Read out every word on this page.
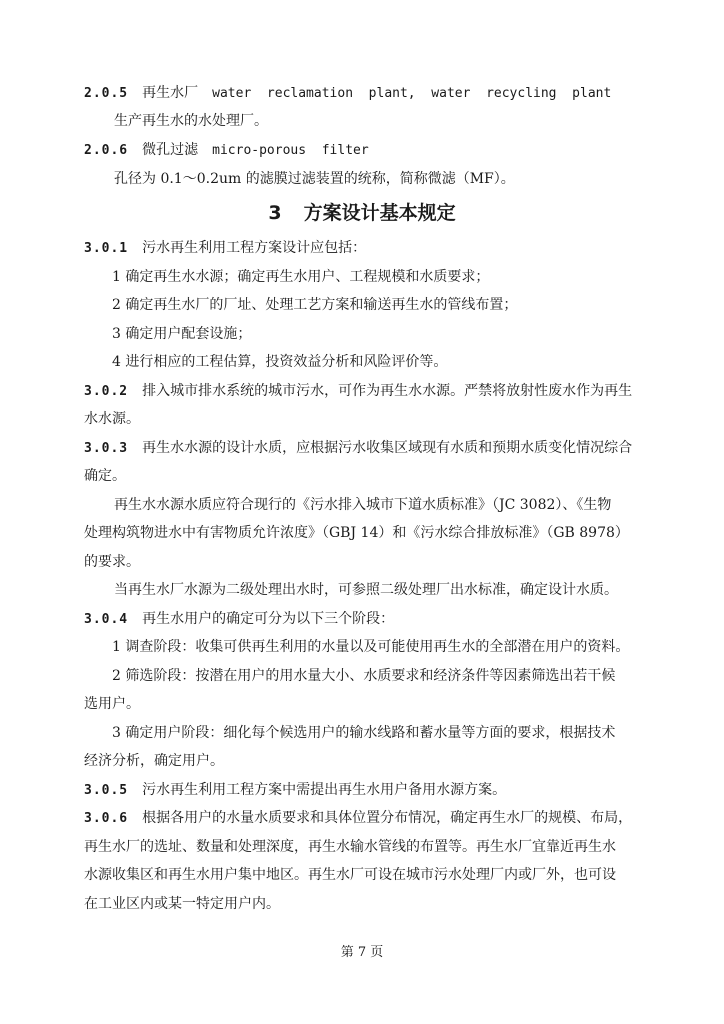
2.0.5 再生水厂 water  reclamation  plant,  water  recycling  plant
生产再生水的水处理厂。
2.0.6 微孔过滤 micro-porous  filter
孔径为 0.1～0.2um 的滤膜过滤装置的统称，简称微滤（MF）。
3 方案设计基本规定
3.0.1 污水再生利用工程方案设计应包括：
1 确定再生水水源；确定再生水用户、工程规模和水质要求；
2 确定再生水厂的厂址、处理工艺方案和输送再生水的管线布置；
3 确定用户配套设施；
4 进行相应的工程估算，投资效益分析和风险评价等。
3.0.2 排入城市排水系统的城市污水，可作为再生水水源。严禁将放射性废水作为再生
水水源。
3.0.3 再生水水源的设计水质，应根据污水收集区域现有水质和预期水质变化情况综合
确定。
再生水水源水质应符合现行的《污水排入城市下道水质标准》（JC 3082）、《生物
处理构筑物进水中有害物质允许浓度》（GBJ 14）和《污水综合排放标准》（GB 8978）
的要求。
当再生水厂水源为二级处理出水时，可参照二级处理厂出水标准，确定设计水质。
3.0.4 再生水用户的确定可分为以下三个阶段：
1 调查阶段：收集可供再生利用的水量以及可能使用再生水的全部潜在用户的资料。
2 筛选阶段：按潜在用户的用水量大小、水质要求和经济条件等因素筛选出若干候
选用户。
3 确定用户阶段：细化每个候选用户的输水线路和蓄水量等方面的要求，根据技术
经济分析，确定用户。
3.0.5 污水再生利用工程方案中需提出再生水用户备用水源方案。
3.0.6 根据各用户的水量水质要求和具体位置分布情况，确定再生水厂的规模、布局，
再生水厂的选址、数量和处理深度，再生水输水管线的布置等。再生水厂宜靠近再生水
水源收集区和再生水用户集中地区。再生水厂可设在城市污水处理厂内或厂外，也可设
在工业区内或某一特定用户内。
第 7 页
